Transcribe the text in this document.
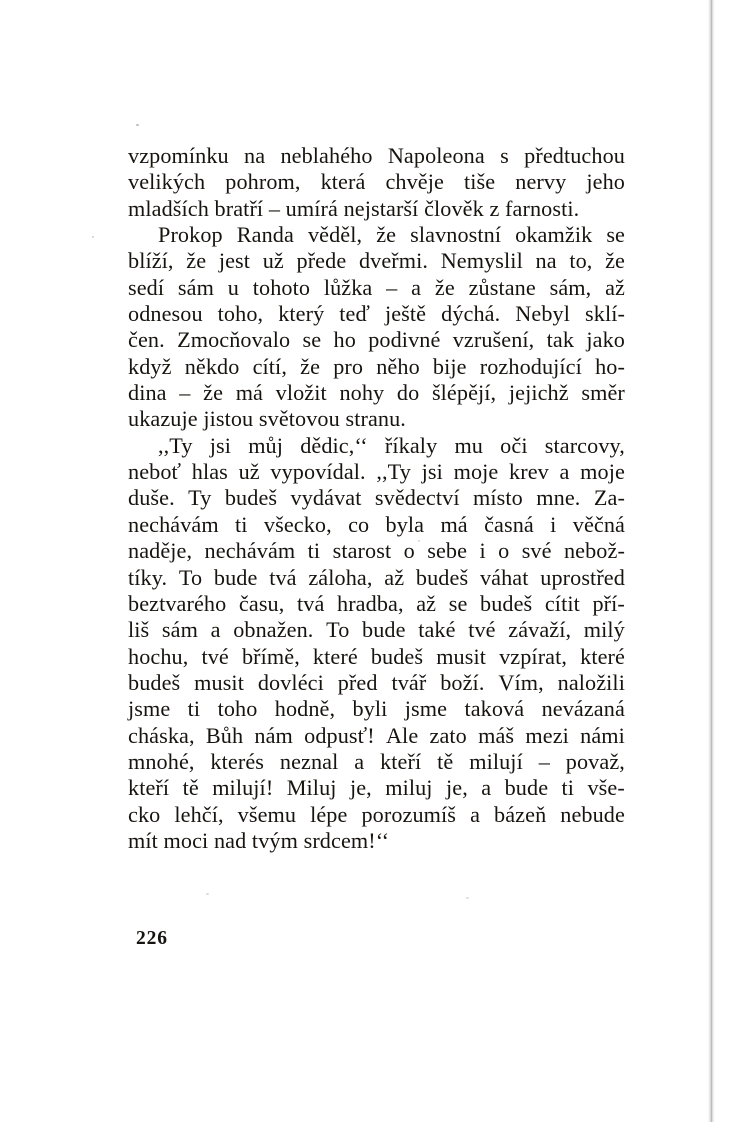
vzpomínku na neblahého Napoleona s předtuchou
velikých pohrom, která chvěje tiše nervy jeho
mladších bratří – umírá nejstarší člověk z farnosti.

Prokop Randa věděl, že slavnostní okamžik se
blíží, že jest už přede dveřmi. Nemyslil na to, že
sedí sám u tohoto lůžka – a že zůstane sám, až
odnesou toho, který teď ještě dýchá. Nebyl sklí-
čen. Zmocňovalo se ho podivné vzrušení, tak jako
když někdo cítí, že pro něho bije rozhodující ho-
dina – že má vložit nohy do šlépějí, jejichž směr
ukazuje jistou světovou stranu.

,,Ty jsi můj dědic,‘‘ říkaly mu oči starcovy,
neboť hlas už vypovídal. ,,Ty jsi moje krev a moje
duše. Ty budeš vydávat svědectví místo mne. Za-
nechávám ti všecko, co byla má časná i věčná
naděje, nechávám ti starost o sebe i o své nebož-
tíky. To bude tvá záloha, až budeš váhat uprostřed
beztvarého času, tvá hradba, až se budeš cítit pří-
liš sám a obnažen. To bude také tvé závaží, milý
hochu, tvé břímě, které budeš musit vzpírat, které
budeš musit dovléci před tvář boží. Vím, naložili
jsme ti toho hodně, byli jsme taková nevázaná
cháska, Bůh nám odpusť! Ale zato máš mezi námi
mnohé, kterés neznal a kteří tě milují – považ,
kteří tě milují! Miluj je, miluj je, a bude ti vše-
cko lehčí, všemu lépe porozumíš a bázeň nebude
mít moci nad tvým srdcem!‘‘

226
